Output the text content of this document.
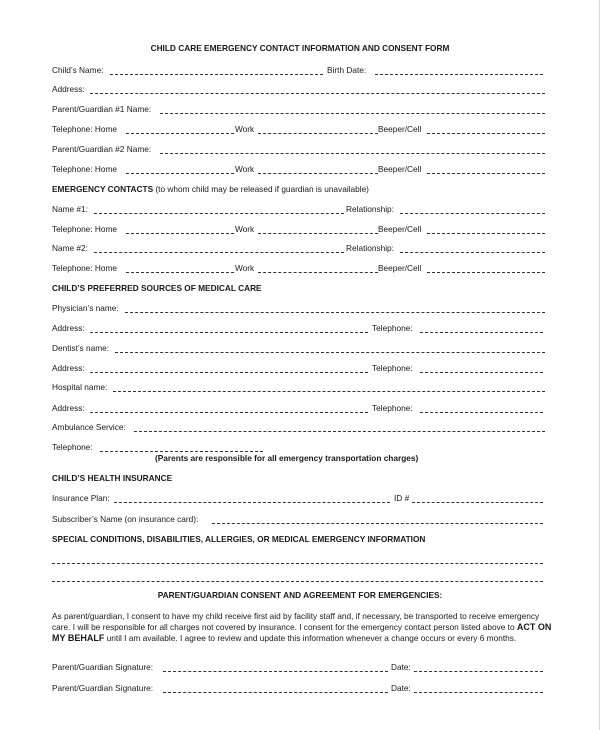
CHILD CARE EMERGENCY CONTACT INFORMATION AND CONSENT FORM
Child’s Name:	Birth Date:
Address:
Parent/Guardian #1 Name:
Telephone: Home	Work	Beeper/Cell
Parent/Guardian #2 Name:
Telephone: Home	Work	Beeper/Cell
EMERGENCY CONTACTS (to whom child may be released if guardian is unavailable)
Name #1:	Relationship:
Telephone: Home	Work	Beeper/Cell
Name #2:	Relationship:
Telephone: Home	Work	Beeper/Cell
CHILD’S PREFERRED SOURCES OF MEDICAL CARE
Physician’s name:
Address:	Telephone:
Dentist’s name:
Address:	Telephone:
Hospital name:
Address:	Telephone:
Ambulance Service:
Telephone:
(Parents are responsible for all emergency transportation charges)
CHILD’S HEALTH INSURANCE
Insurance Plan:	ID #
Subscriber’s Name (on insurance card):
SPECIAL CONDITIONS, DISABILITIES, ALLERGIES, OR MEDICAL EMERGENCY INFORMATION
PARENT/GUARDIAN CONSENT AND AGREEMENT FOR EMERGENCIES:
As parent/guardian, I consent to have my child receive first aid by facility staff and, if necessary, be transported to receive emergency care. I will be responsible for all charges not covered by insurance. I consent for the emergency contact person listed above to ACT ON MY BEHALF until I am available. I agree to review and update this information whenever a change occurs or every 6 months.
Parent/Guardian Signature:	Date:
Parent/Guardian Signature:	Date:
